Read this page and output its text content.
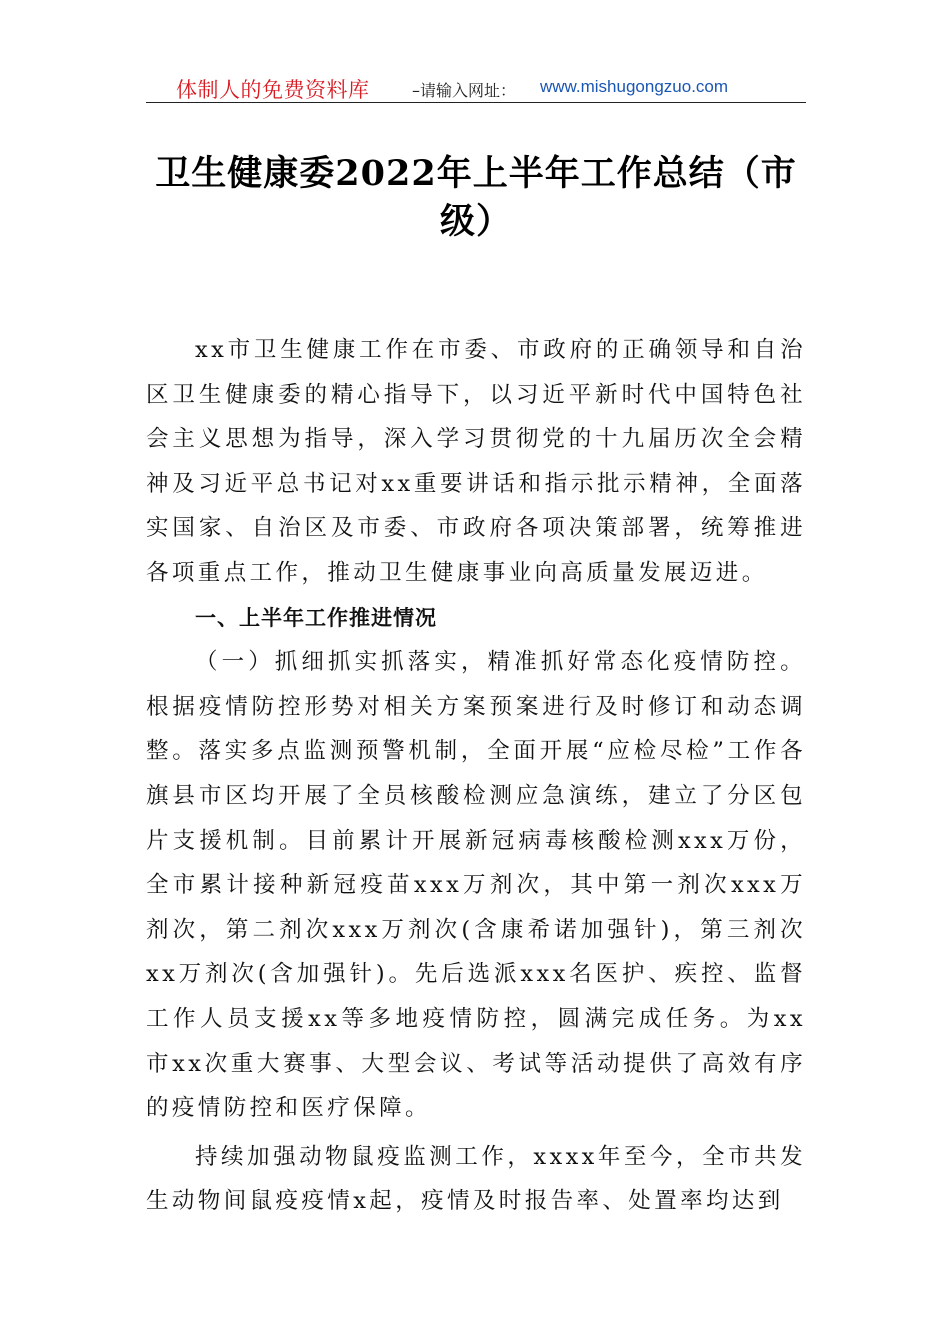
体制人的免费资料库	–请输入网址： www.mishugongzuo.com
卫生健康委2022年上半年工作总结（市级）

xx市卫生健康工作在市委、市政府的正确领导和自治区卫生健康委的精心指导下，以习近平新时代中国特色社会主义思想为指导，深入学习贯彻党的十九届历次全会精神及习近平总书记对xx重要讲话和指示批示精神，全面落实国家、自治区及市委、市政府各项决策部署，统筹推进各项重点工作，推动卫生健康事业向高质量发展迈进。

一、上半年工作推进情况

（一）抓细抓实抓落实，精准抓好常态化疫情防控。根据疫情防控形势对相关方案预案进行及时修订和动态调整。落实多点监测预警机制，全面开展“应检尽检”工作各旗县市区均开展了全员核酸检测应急演练，建立了分区包片支援机制。目前累计开展新冠病毒核酸检测xxx万份，全市累计接种新冠疫苗xxx万剂次，其中第一剂次xxx万剂次，第二剂次xxx万剂次(含康希诺加强针)，第三剂次xx万剂次(含加强针)。先后选派xxx名医护、疾控、监督工作人员支援xx等多地疫情防控，圆满完成任务。为xx市xx次重大赛事、大型会议、考试等活动提供了高效有序的疫情防控和医疗保障。

持续加强动物鼠疫监测工作，xxxx年至今，全市共发生动物间鼠疫疫情x起，疫情及时报告率、处置率均达到
